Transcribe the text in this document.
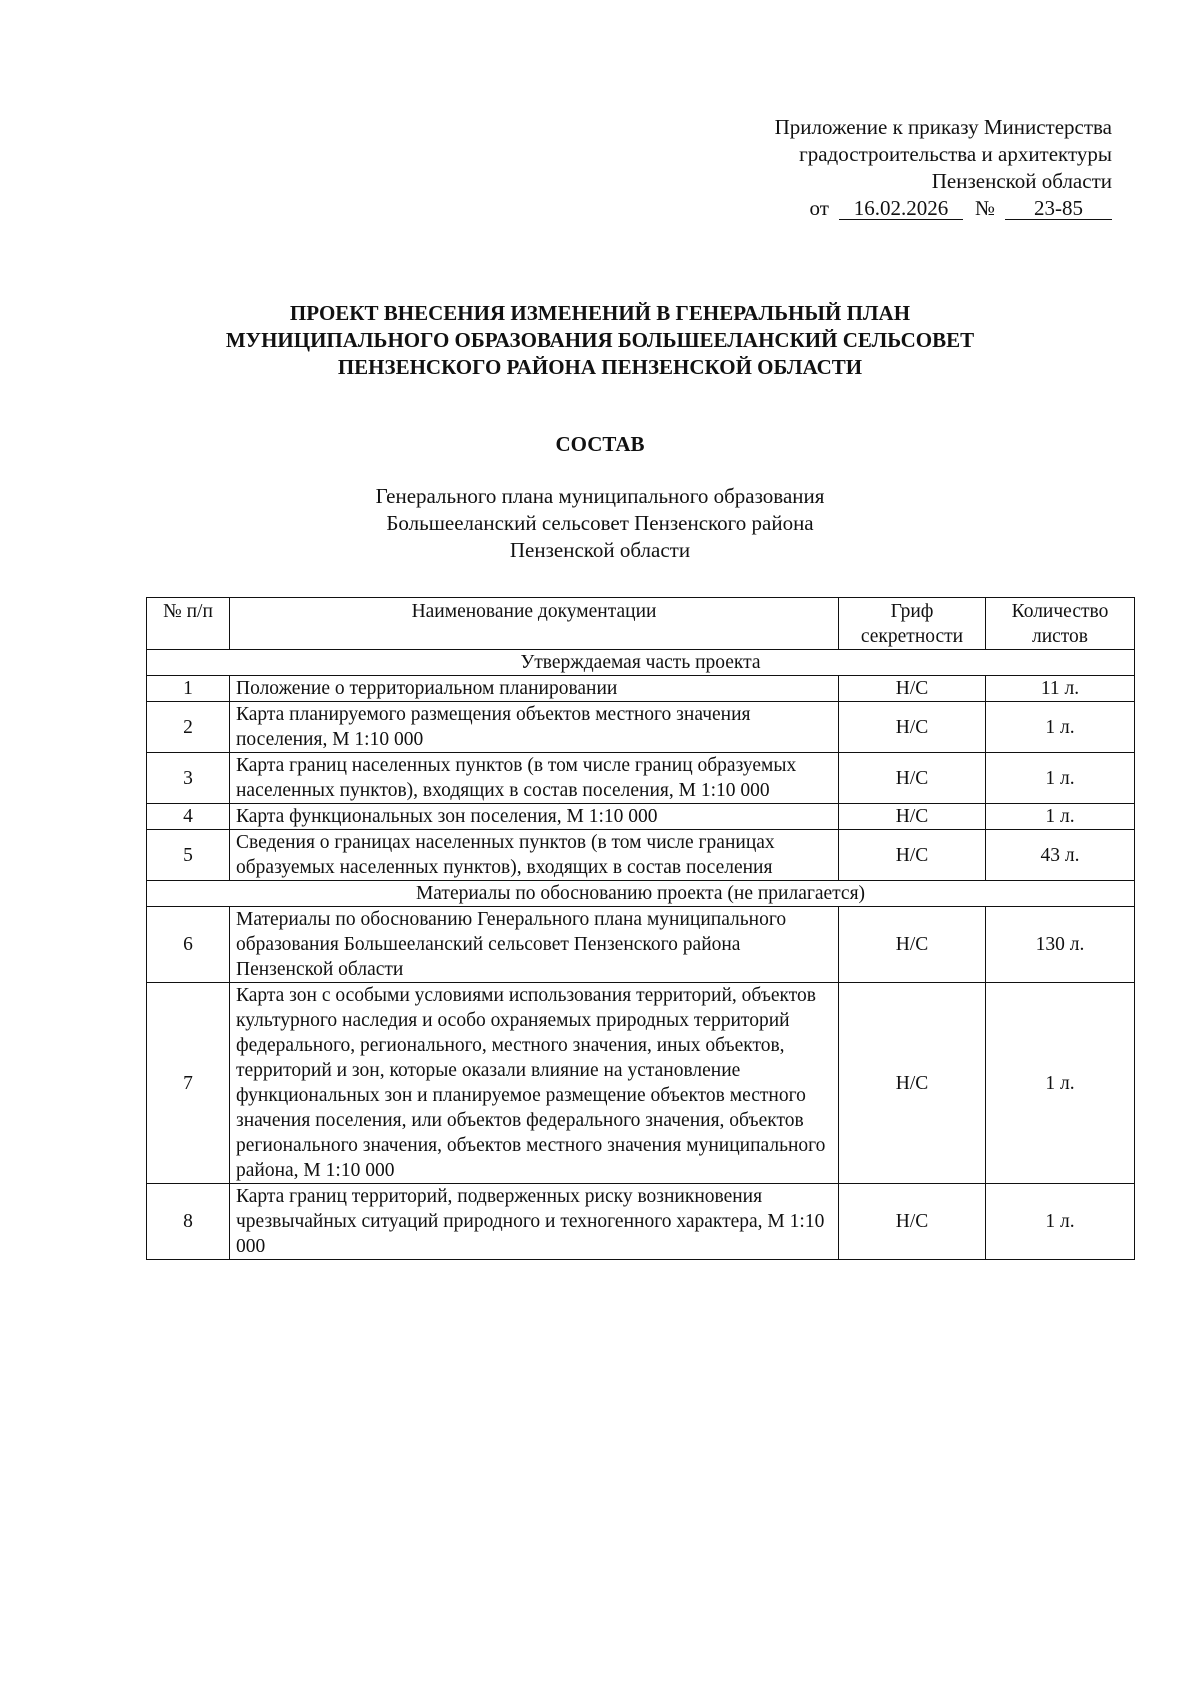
Приложение к приказу Министерства
градостроительства и архитектуры
Пензенской области
от 16.02.2026 № 23-85
ПРОЕКТ ВНЕСЕНИЯ ИЗМЕНЕНИЙ В ГЕНЕРАЛЬНЫЙ ПЛАН
МУНИЦИПАЛЬНОГО ОБРАЗОВАНИЯ БОЛЬШЕЕЛАНСКИЙ СЕЛЬСОВЕТ
ПЕНЗЕНСКОГО РАЙОНА ПЕНЗЕНСКОЙ ОБЛАСТИ
СОСТАВ
Генерального плана муниципального образования
Большееланский сельсовет Пензенского района
Пензенской области
№ п/п	Наименование документации	Гриф секретности	Количество листов
Утверждаемая часть проекта			
1	Положение о территориальном планировании	Н/С	11 л.
2	Карта планируемого размещения объектов местного значения поселения, М 1:10 000	Н/С	1 л.
3	Карта границ населенных пунктов (в том числе границ образуемых населенных пунктов), входящих в состав поселения, М 1:10 000	Н/С	1 л.
4	Карта функциональных зон поселения, М 1:10 000	Н/С	1 л.
5	Сведения о границах населенных пунктов (в том числе границах образуемых населенных пунктов), входящих в состав поселения	Н/С	43 л.
Материалы по обоснованию проекта (не прилагается)			
6	Материалы по обоснованию Генерального плана муниципального образования Большееланский сельсовет Пензенского района Пензенской области	Н/С	130 л.
7	Карта зон с особыми условиями использования территорий, объектов культурного наследия и особо охраняемых природных территорий федерального, регионального, местного значения, иных объектов, территорий и зон, которые оказали влияние на установление функциональных зон и планируемое размещение объектов местного значения поселения, или объектов федерального значения, объектов регионального значения, объектов местного значения муниципального района, М 1:10 000	Н/С	1 л.
8	Карта границ территорий, подверженных риску возникновения чрезвычайных ситуаций природного и техногенного характера, М 1:10 000	Н/С	1 л.
